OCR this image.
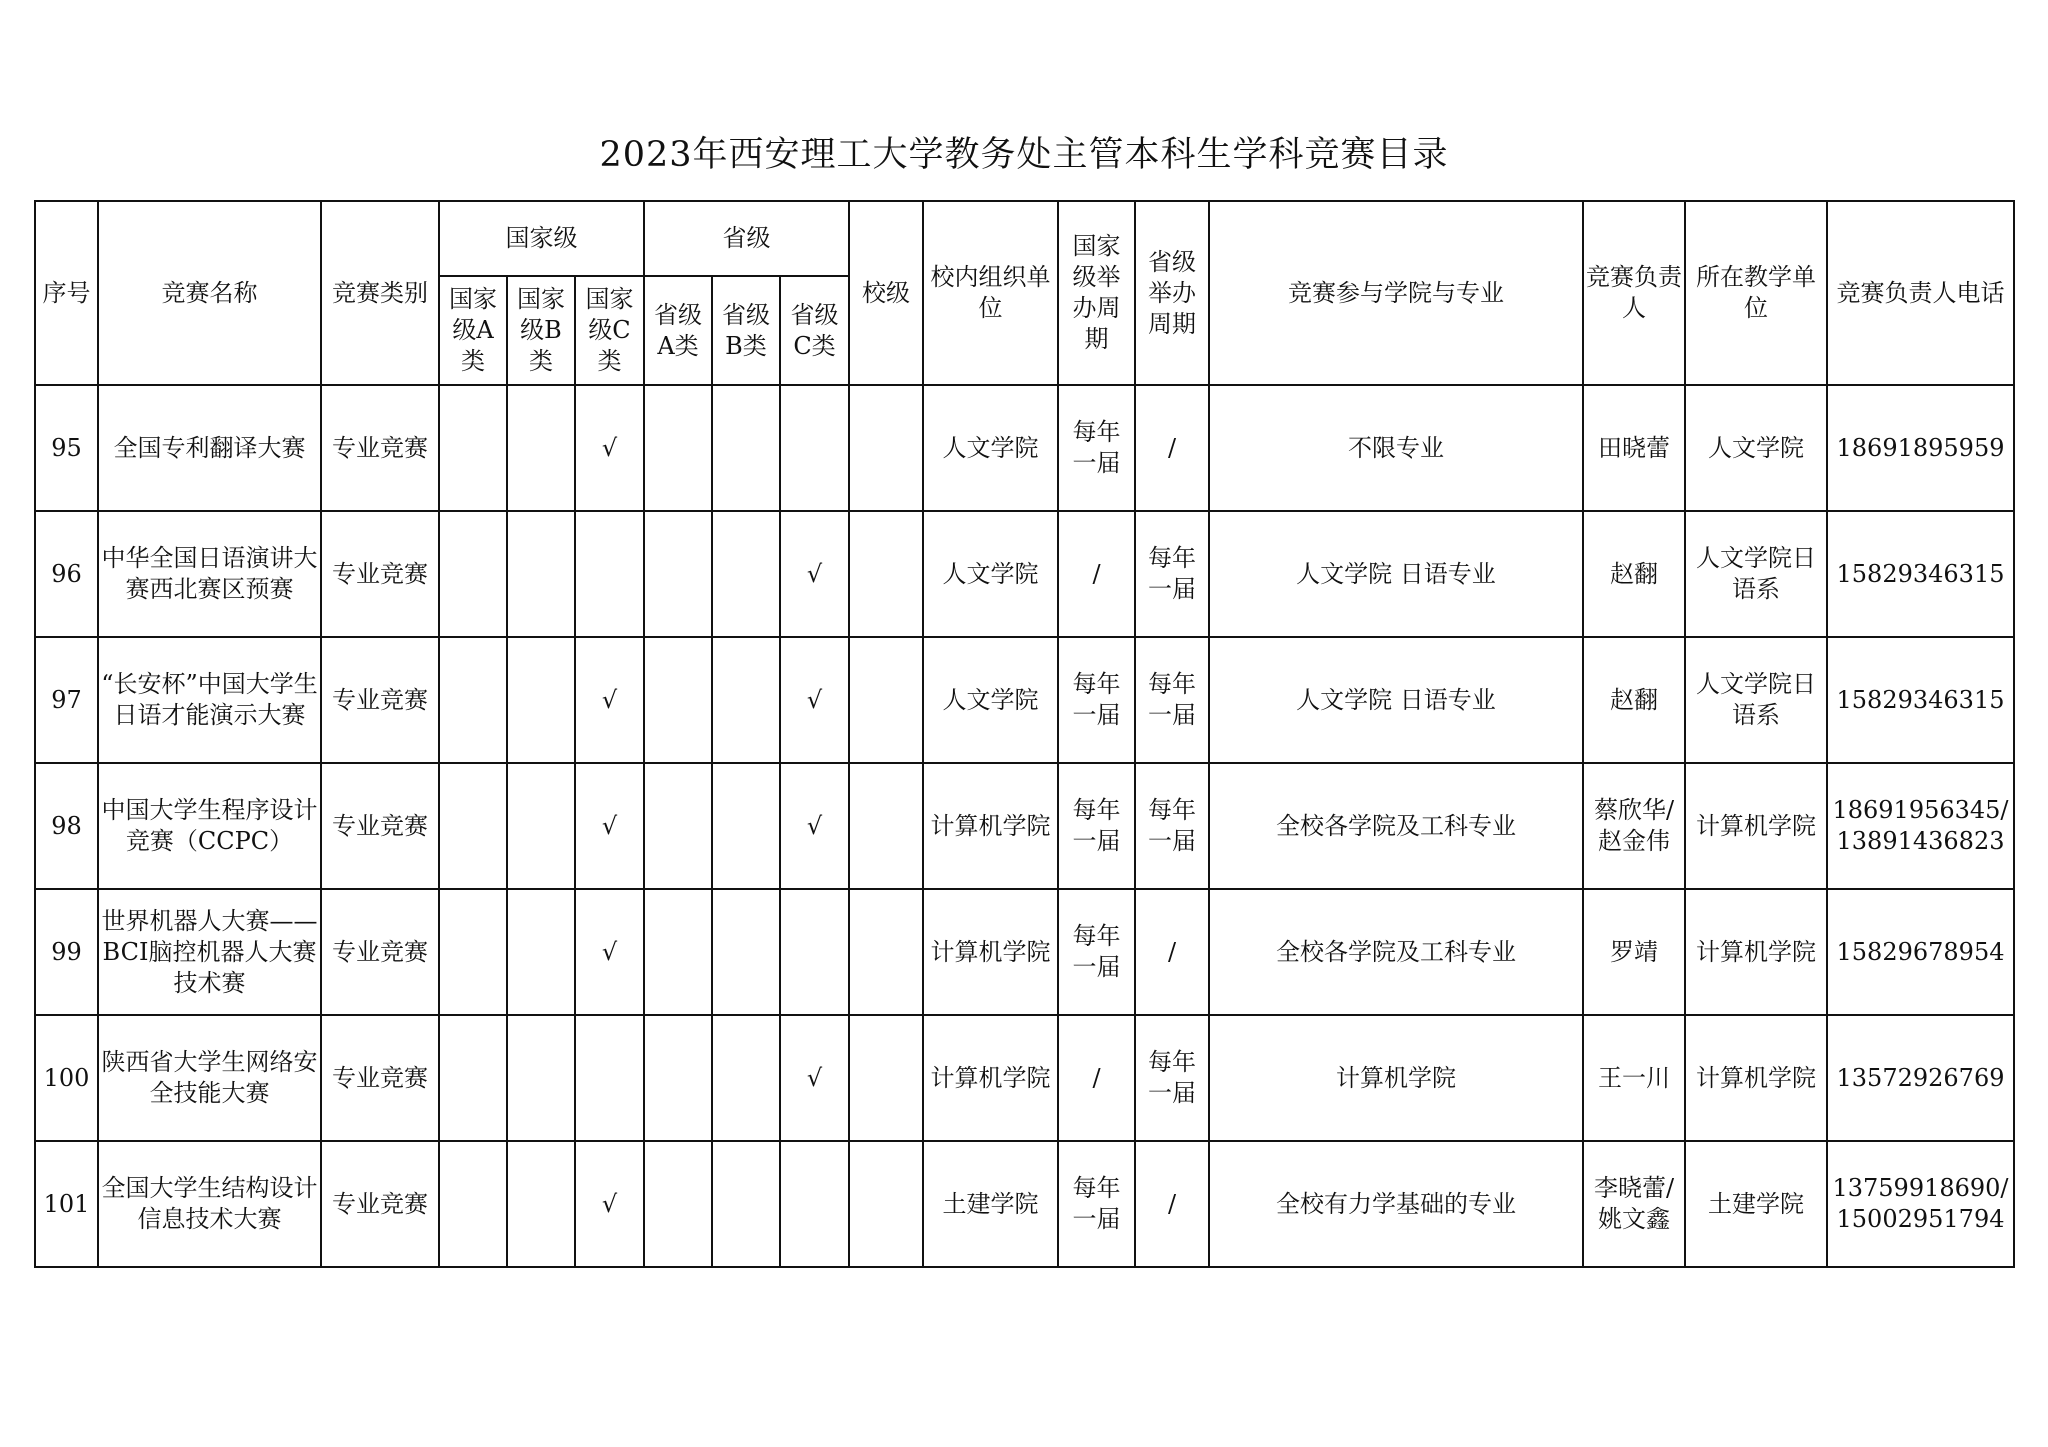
2023年西安理工大学教务处主管本科生学科竞赛目录
序号	竞赛名称	竞赛类别	国家级			省级			校级	校内组织单位	国家级举办周期	省级举办周期	竞赛参与学院与专业	竞赛负责人	所在教学单位	竞赛负责人电话
			国家级A类	国家级B类	国家级C类	省级A类	省级B类	省级C类								
95	全国专利翻译大赛	专业竞赛			√					人文学院	每年一届	/	不限专业	田晓蕾	人文学院	18691895959
96	中华全国日语演讲大赛西北赛区预赛	专业竞赛						√		人文学院	/	每年一届	人文学院 日语专业	赵翻	人文学院日语系	15829346315
97	“长安杯”中国大学生日语才能演示大赛	专业竞赛			√			√		人文学院	每年一届	每年一届	人文学院 日语专业	赵翻	人文学院日语系	15829346315
98	中国大学生程序设计竞赛（CCPC）	专业竞赛			√			√		计算机学院	每年一届	每年一届	全校各学院及工科专业	蔡欣华/赵金伟	计算机学院	18691956345/13891436823
99	世界机器人大赛——BCI脑控机器人大赛技术赛	专业竞赛			√					计算机学院	每年一届	/	全校各学院及工科专业	罗靖	计算机学院	15829678954
100	陕西省大学生网络安全技能大赛	专业竞赛						√		计算机学院	/	每年一届	计算机学院	王一川	计算机学院	13572926769
101	全国大学生结构设计信息技术大赛	专业竞赛			√					土建学院	每年一届	/	全校有力学基础的专业	李晓蕾/姚文鑫	土建学院	13759918690/15002951794
